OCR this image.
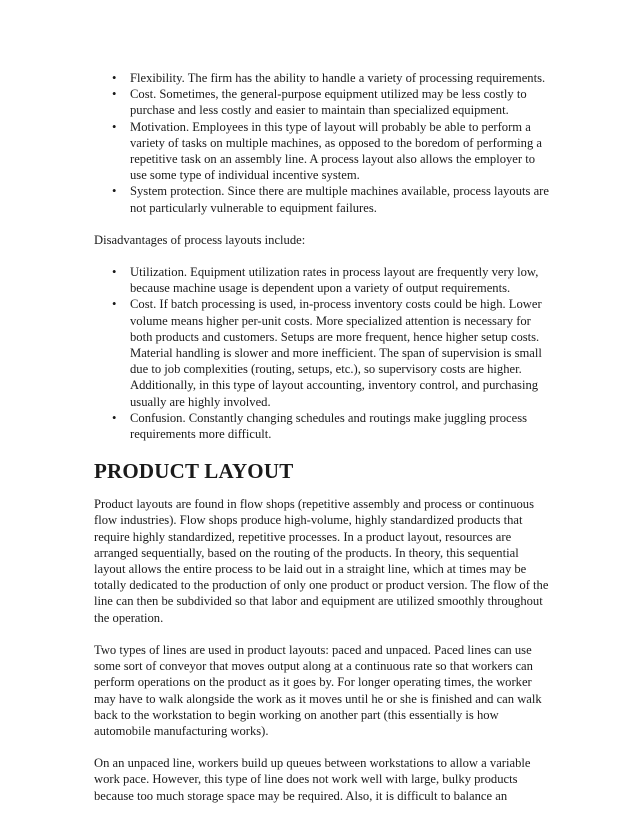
• Flexibility. The firm has the ability to handle a variety of processing requirements.
• Cost. Sometimes, the general-purpose equipment utilized may be less costly to purchase and less costly and easier to maintain than specialized equipment.
• Motivation. Employees in this type of layout will probably be able to perform a variety of tasks on multiple machines, as opposed to the boredom of performing a repetitive task on an assembly line. A process layout also allows the employer to use some type of individual incentive system.
• System protection. Since there are multiple machines available, process layouts are not particularly vulnerable to equipment failures.

Disadvantages of process layouts include:

• Utilization. Equipment utilization rates in process layout are frequently very low, because machine usage is dependent upon a variety of output requirements.
• Cost. If batch processing is used, in-process inventory costs could be high. Lower volume means higher per-unit costs. More specialized attention is necessary for both products and customers. Setups are more frequent, hence higher setup costs. Material handling is slower and more inefficient. The span of supervision is small due to job complexities (routing, setups, etc.), so supervisory costs are higher. Additionally, in this type of layout accounting, inventory control, and purchasing usually are highly involved.
• Confusion. Constantly changing schedules and routings make juggling process requirements more difficult.
PRODUCT LAYOUT

Product layouts are found in flow shops (repetitive assembly and process or continuous flow industries). Flow shops produce high-volume, highly standardized products that require highly standardized, repetitive processes. In a product layout, resources are arranged sequentially, based on the routing of the products. In theory, this sequential layout allows the entire process to be laid out in a straight line, which at times may be totally dedicated to the production of only one product or product version. The flow of the line can then be subdivided so that labor and equipment are utilized smoothly throughout the operation.

Two types of lines are used in product layouts: paced and unpaced. Paced lines can use some sort of conveyor that moves output along at a continuous rate so that workers can perform operations on the product as it goes by. For longer operating times, the worker may have to walk alongside the work as it moves until he or she is finished and can walk back to the workstation to begin working on another part (this essentially is how automobile manufacturing works).

On an unpaced line, workers build up queues between workstations to allow a variable work pace. However, this type of line does not work well with large, bulky products because too much storage space may be required. Also, it is difficult to balance an
